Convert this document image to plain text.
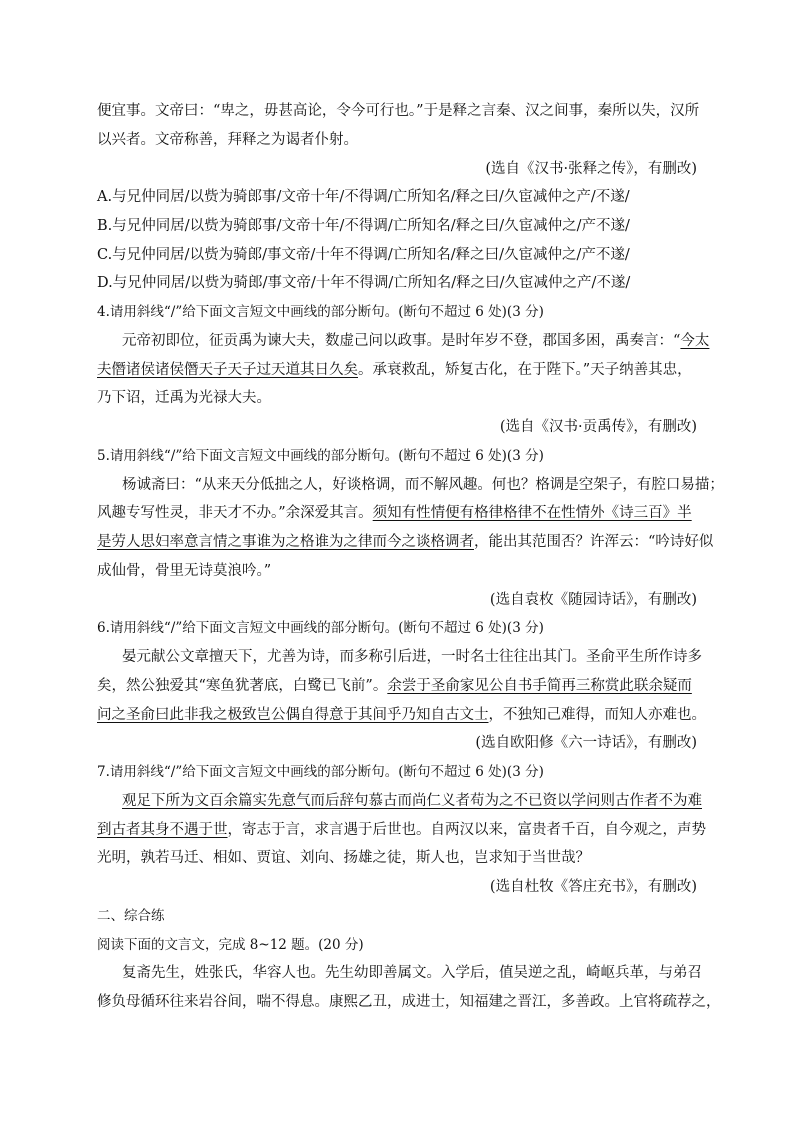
便宜事。文帝曰：“卑之，毋甚高论，令今可行也。”于是释之言秦、汉之间事，秦所以失，汉所
以兴者。文帝称善，拜释之为谒者仆射。
(选自《汉书·张释之传》，有删改)
A.与兄仲同居/以赀为骑郎事/文帝十年/不得调/亡所知名/释之曰/久宦减仲之产/不遂/
B.与兄仲同居/以赀为骑郎事/文帝十年/不得调/亡所知名/释之曰/久宦减仲之/产不遂/
C.与兄仲同居/以赀为骑郎/事文帝/十年不得调/亡所知名/释之曰/久宦减仲之/产不遂/
D.与兄仲同居/以赀为骑郎/事文帝/十年不得调/亡所知名/释之曰/久宦减仲之产/不遂/
4.请用斜线“/”给下面文言短文中画线的部分断句。(断句不超过 6 处)(3 分)
元帝初即位，征贡禹为谏大夫，数虚己问以政事。是时年岁不登，郡国多困，禹奏言：“今太
夫僭诸侯诸侯僭天子天子过天道其日久矣。承衰救乱，矫复古化，在于陛下。”天子纳善其忠，
乃下诏，迁禹为光禄大夫。
(选自《汉书·贡禹传》，有删改)
5.请用斜线“/”给下面文言短文中画线的部分断句。(断句不超过 6 处)(3 分)
杨诚斋曰：“从来天分低拙之人，好谈格调，而不解风趣。何也？格调是空架子，有腔口易描；
风趣专写性灵，非天才不办。”余深爱其言。须知有性情便有格律格律不在性情外《诗三百》半
是劳人思妇率意言情之事谁为之格谁为之律而今之谈格调者，能出其范围否？许浑云：“吟诗好似
成仙骨，骨里无诗莫浪吟。”
(选自袁枚《随园诗话》，有删改)
6.请用斜线“/”给下面文言短文中画线的部分断句。(断句不超过 6 处)(3 分)
晏元献公文章擅天下，尤善为诗，而多称引后进，一时名士往往出其门。圣俞平生所作诗多
矣，然公独爱其“寒鱼犹著底，白鹭已飞前”。余尝于圣俞家见公自书手简再三称赏此联余疑而
问之圣俞曰此非我之极致岂公偶自得意于其间乎乃知自古文士，不独知己难得，而知人亦难也。
(选自欧阳修《六一诗话》，有删改)
7.请用斜线“/”给下面文言短文中画线的部分断句。(断句不超过 6 处)(3 分)
观足下所为文百余篇实先意气而后辞句慕古而尚仁义者苟为之不已资以学问则古作者不为难
到古者其身不遇于世，寄志于言，求言遇于后世也。自两汉以来，富贵者千百，自今观之，声势
光明，孰若马迁、相如、贾谊、刘向、扬雄之徒，斯人也，岂求知于当世哉？
(选自杜牧《答庄充书》，有删改)
二、综合练
阅读下面的文言文，完成 8~12 题。(20 分)
复斋先生，姓张氏，华容人也。先生幼即善属文。入学后，值吴逆之乱，崎岖兵革，与弟召
修负母循环往来岩谷间，喘不得息。康熙乙丑，成进士，知福建之晋江，多善政。上官将疏荐之，
